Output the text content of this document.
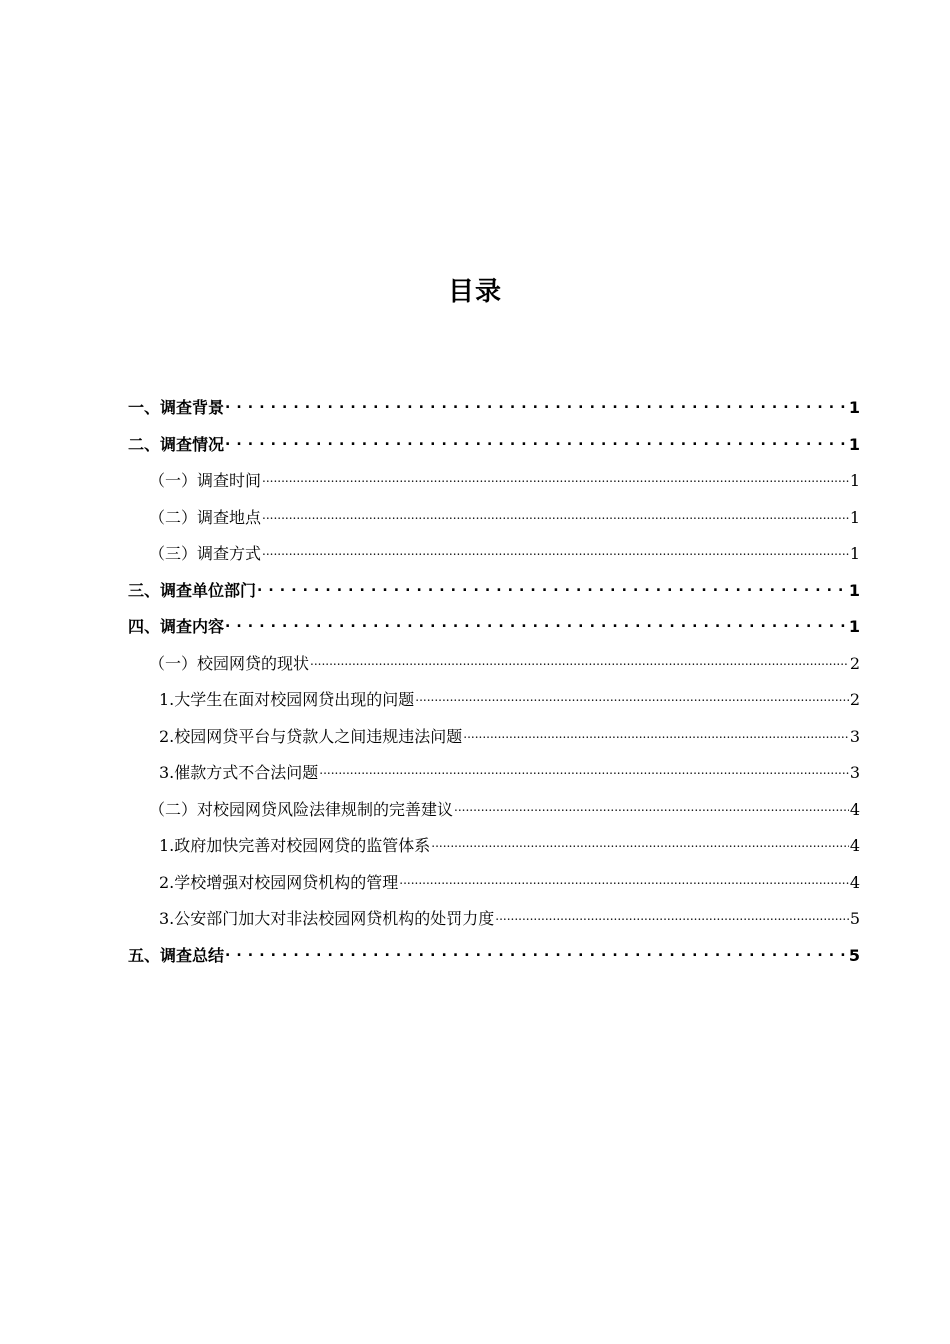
目录
一、调查背景 . . .	1
二、调查情况 . . .	1
（一）调查时间 .....	1
（二）调查地点 .....	1
（三）调查方式 .....	1
三、调查单位部门 . . .	1
四、调查内容 . . .	1
（一）校园网贷的现状 .....	2
1.大学生在面对校园网贷出现的问题 .....	2
2.校园网贷平台与贷款人之间违规违法问题 .....	3
3.催款方式不合法问题 .....	3
（二）对校园网贷风险法律规制的完善建议 .....	4
1.政府加快完善对校园网贷的监管体系 .....	4
2.学校增强对校园网贷机构的管理 .....	4
3.公安部门加大对非法校园网贷机构的处罚力度 .....	5
五、调查总结 . . .	5
